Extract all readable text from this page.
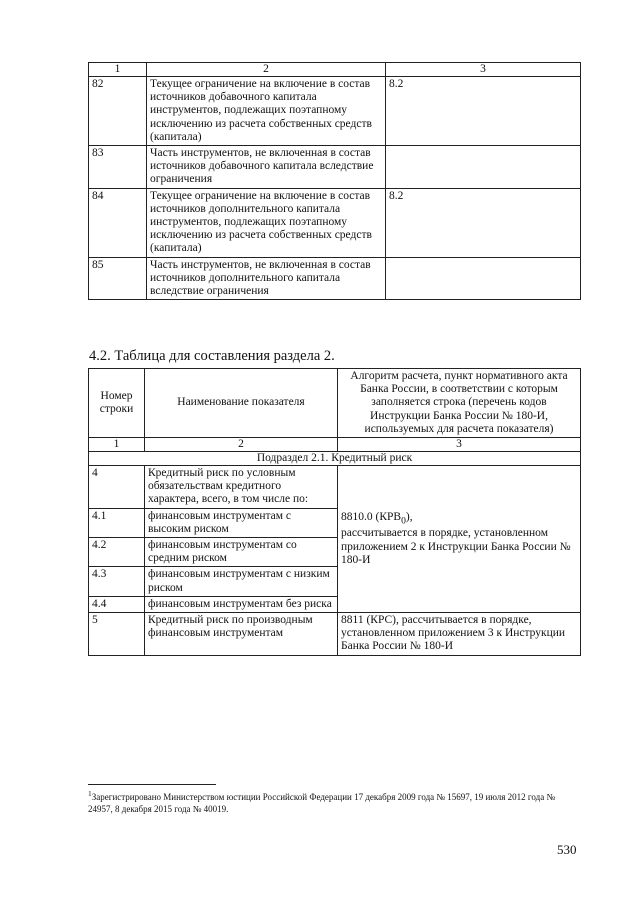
1	2	3
82	Текущее ограничение на включение в состав источников добавочного капитала инструментов, подлежащих поэтапному исключению из расчета собственных средств (капитала)	8.2
83	Часть инструментов, не включенная в состав источников добавочного капитала вследствие ограничения	
84	Текущее ограничение на включение в состав источников дополнительного капитала инструментов, подлежащих поэтапному исключению из расчета собственных средств (капитала)	8.2
85	Часть инструментов, не включенная в состав источников дополнительного капитала вследствие ограничения	
4.2. Таблица для составления раздела 2.
Номер строки	Наименование показателя	Алгоритм расчета, пункт нормативного акта Банка России, в соответствии с которым заполняется строка (перечень кодов Инструкции Банка России № 180-И, используемых для расчета показателя)
1	2	3
Подраздел 2.1. Кредитный риск		
4	Кредитный риск по условным обязательствам кредитного характера, всего, в том числе по:	8810.0 $(КРВ_0)$,
рассчитывается в порядке, установленном приложением 2 к Инструкции Банка России № 180-И
4.1	финансовым инструментам с высоким риском	
4.2	финансовым инструментам со средним риском	
4.3	финансовым инструментам с низким риском	
4.4	финансовым инструментам без риска	
5	Кредитный риск по производным финансовым инструментам	8811 (КРС), рассчитывается в порядке, установленном приложением 3 к Инструкции Банка России № 180-И
$^1$Зарегистрировано Министерством юстиции Российской Федерации 17 декабря 2009 года № 15697, 19 июля 2012 года № 24957, 8 декабря 2015 года № 40019.
530
